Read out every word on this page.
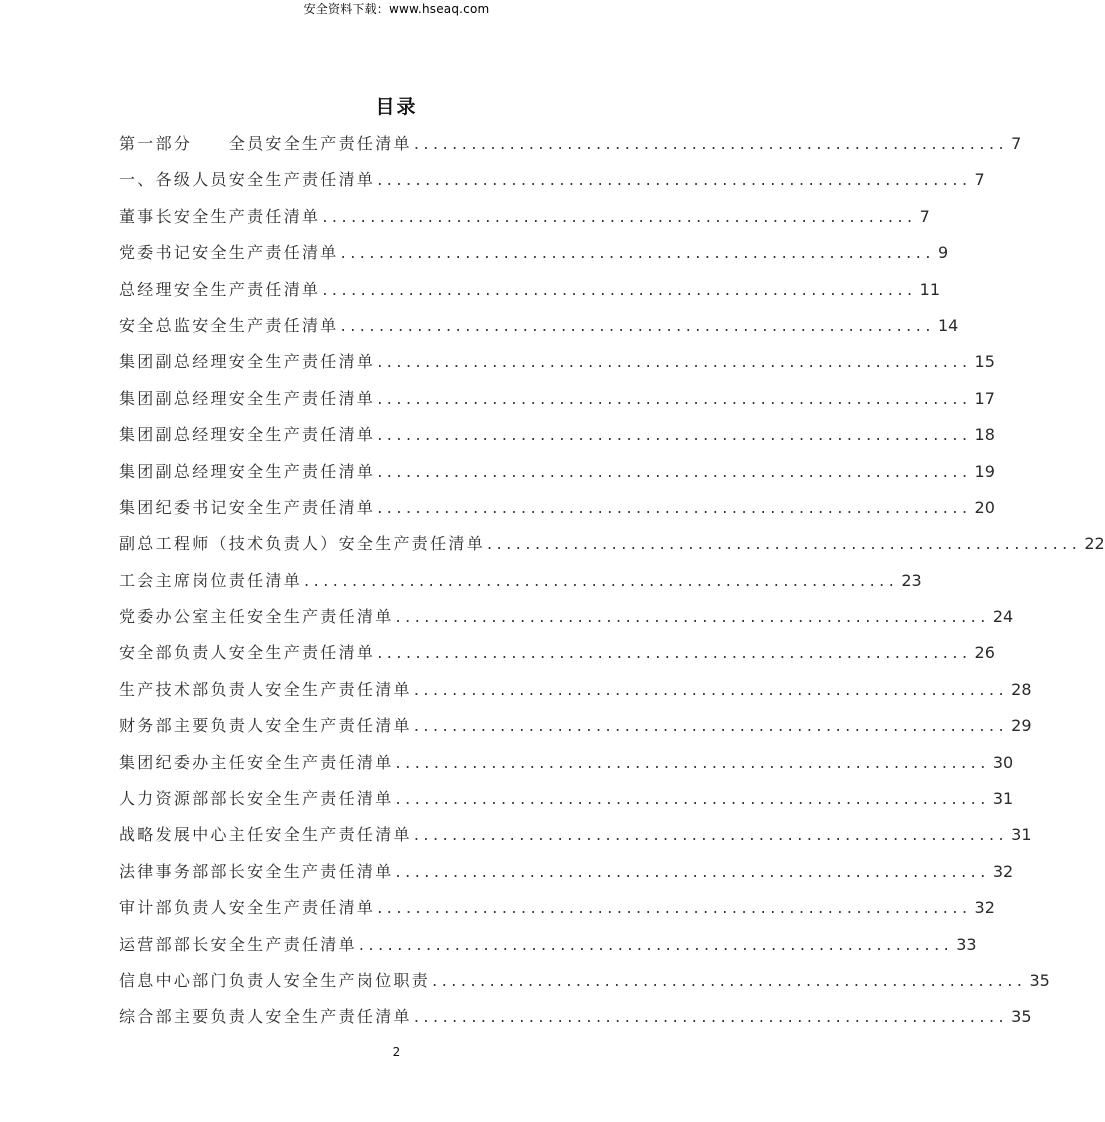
安全资料下载：www.hseaq.com
目录
第一部分　　全员安全生产责任清单 .............................................................. 7
一、各级人员安全生产责任清单 .............................................................. 7
董事长安全生产责任清单 .............................................................. 7
党委书记安全生产责任清单 .............................................................. 9
总经理安全生产责任清单 .............................................................. 11
安全总监安全生产责任清单 .............................................................. 14
集团副总经理安全生产责任清单 .............................................................. 15
集团副总经理安全生产责任清单 .............................................................. 17
集团副总经理安全生产责任清单 .............................................................. 18
集团副总经理安全生产责任清单 .............................................................. 19
集团纪委书记安全生产责任清单 .............................................................. 20
副总工程师（技术负责人）安全生产责任清单 .............................................................. 22
工会主席岗位责任清单 .............................................................. 23
党委办公室主任安全生产责任清单 .............................................................. 24
安全部负责人安全生产责任清单 .............................................................. 26
生产技术部负责人安全生产责任清单 .............................................................. 28
财务部主要负责人安全生产责任清单 .............................................................. 29
集团纪委办主任安全生产责任清单 .............................................................. 30
人力资源部部长安全生产责任清单 .............................................................. 31
战略发展中心主任安全生产责任清单 .............................................................. 31
法律事务部部长安全生产责任清单 .............................................................. 32
审计部负责人安全生产责任清单 .............................................................. 32
运营部部长安全生产责任清单 .............................................................. 33
信息中心部门负责人安全生产岗位职责 .............................................................. 35
综合部主要负责人安全生产责任清单 .............................................................. 35
2
